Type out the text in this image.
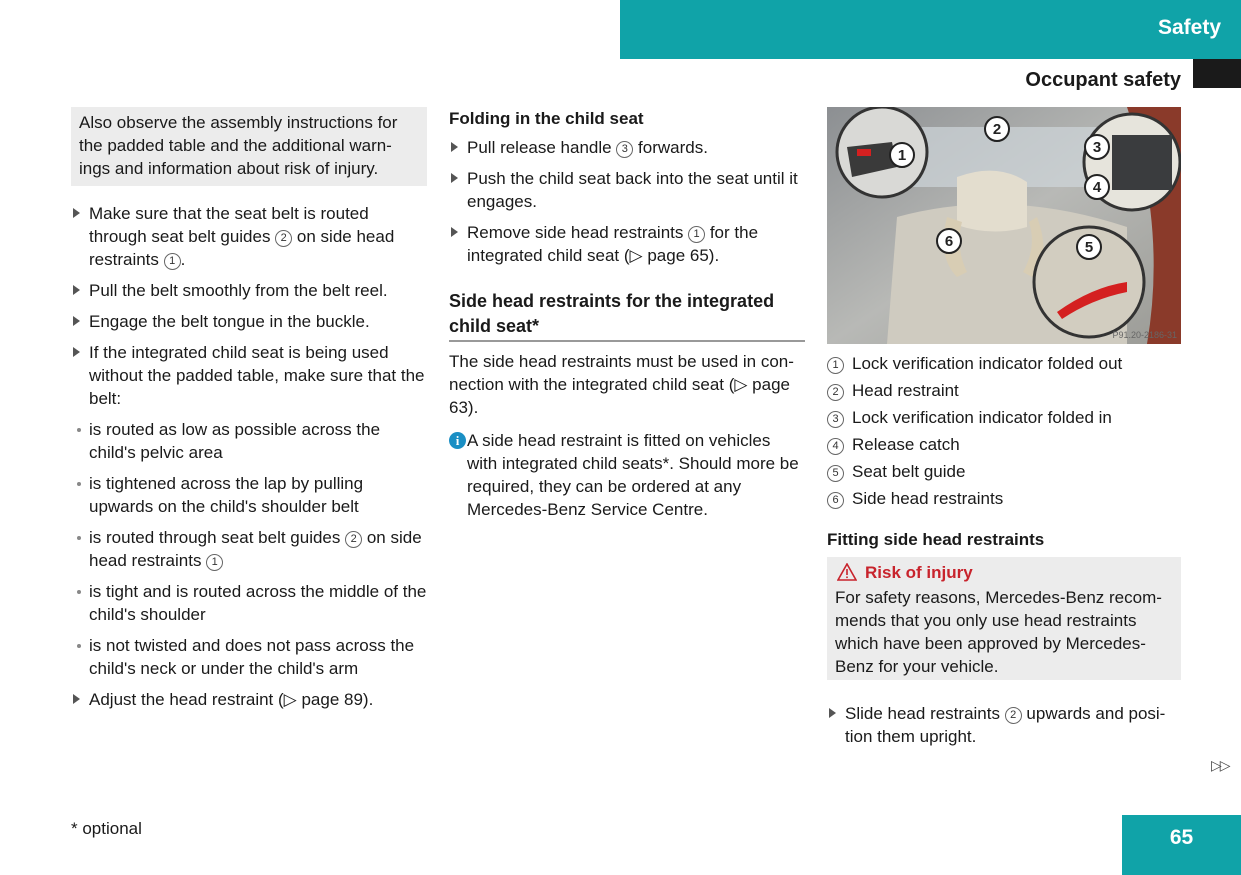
Safety
Occupant safety
Also observe the assembly instructions for the padded table and the additional warn-ings and information about risk of injury.
Make sure that the seat belt is routed through seat belt guides 2 on side head restraints 1 .
Pull the belt smoothly from the belt reel.
Engage the belt tongue in the buckle.
If the integrated child seat is being used without the padded table, make sure that the belt:
is routed as low as possible across the child's pelvic area
is tightened across the lap by pulling upwards on the child's shoulder belt
is routed through seat belt guides 2 on side head restraints 1
is tight and is routed across the middle of the child's shoulder
is not twisted and does not pass across the child's neck or under the child's arm
Adjust the head restraint (▷ page 89).
Folding in the child seat
Pull release handle 3 forwards.
Push the child seat back into the seat until it engages.
Remove side head restraints 1 for the integrated child seat (▷ page 65).
Side head restraints for the integrated child seat*
The side head restraints must be used in con-nection with the integrated child seat (▷ page 63).
i A side head restraint is fitted on vehicles with integrated child seats*. Should more be required, they can be ordered at any Mercedes-Benz Service Centre.
1
2
3
4
5
6
P91.20-2186-31
1 Lock verification indicator folded out
2 Head restraint
3 Lock verification indicator folded in
4 Release catch
5 Seat belt guide
6 Side head restraints
Fitting side head restraints
Risk of injury
For safety reasons, Mercedes-Benz recom-mends that you only use head restraints which have been approved by Mercedes-Benz for your vehicle.
Slide head restraints 2 upwards and posi-tion them upright.
▷▷
* optional	65
